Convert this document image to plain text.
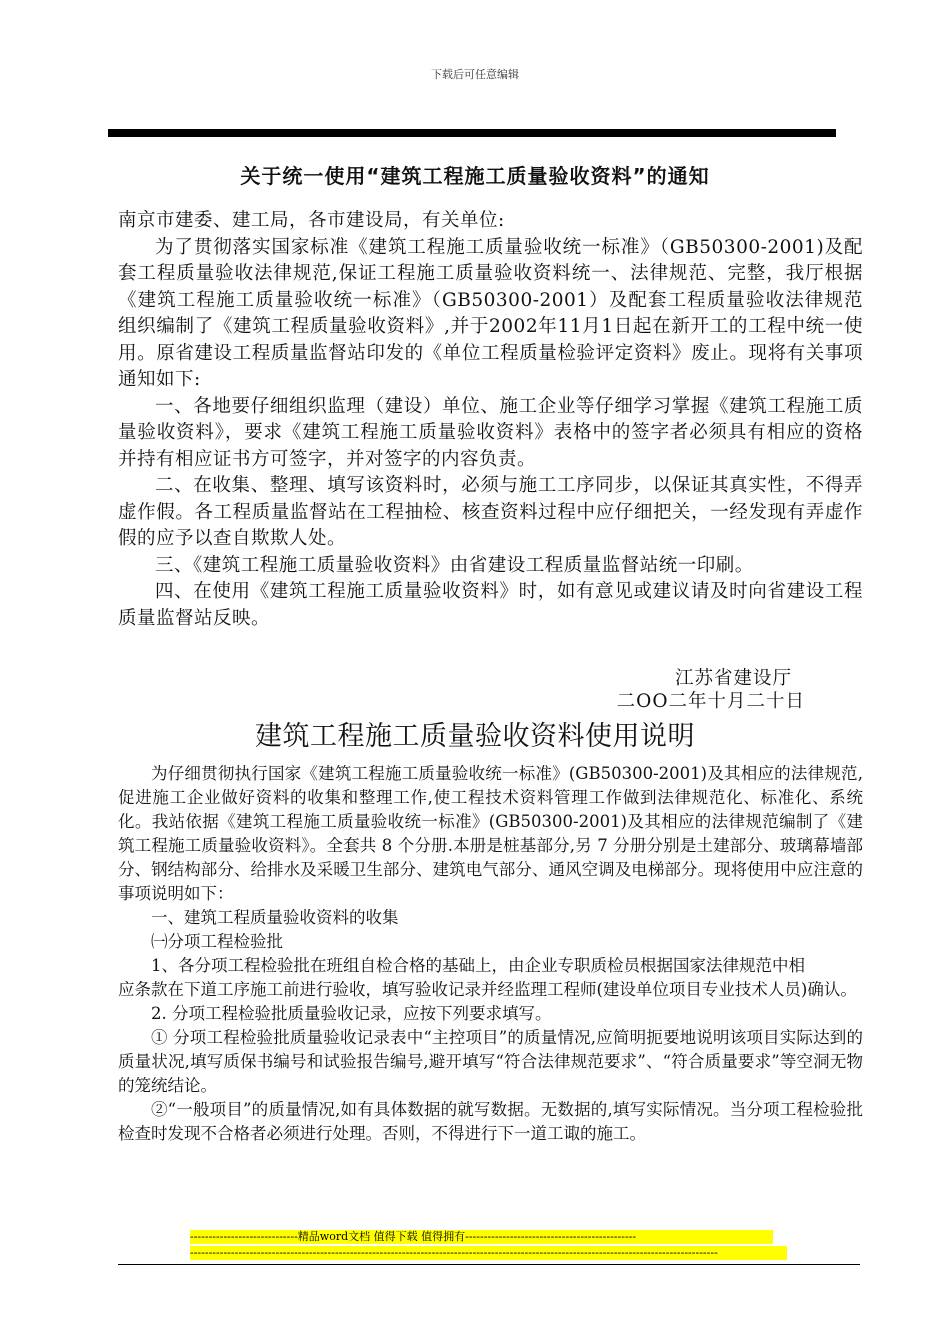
下载后可任意编辑
关于统一使用“建筑工程施工质量验收资料”的通知

南京市建委、建工局，各市建设局，有关单位:

为了贯彻落实国家标准《建筑工程施工质量验收统一标准》（GB50300-2001)及配套工程质量验收法律规范,保证工程施工质量验收资料统一、法律规范、完整，我厅根据《建筑工程施工质量验收统一标准》（GB50300-2001）及配套工程质量验收法律规范组织编制了《建筑工程质量验收资料》,并于2002年11月1日起在新开工的工程中统一使用。原省建设工程质量监督站印发的《单位工程质量检验评定资料》废止。现将有关事项通知如下:

一、各地要仔细组织监理（建设）单位、施工企业等仔细学习掌握《建筑工程施工质量验收资料》，要求《建筑工程施工质量验收资料》表格中的签字者必须具有相应的资格并持有相应证书方可签字，并对签字的内容负责。

二、在收集、整理、填写该资料时，必须与施工工序同步，以保证其真实性，不得弄虚作假。各工程质量监督站在工程抽检、核查资料过程中应仔细把关，一经发现有弄虚作假的应予以查自欺欺人处。

三、《建筑工程施工质量验收资料》由省建设工程质量监督站统一印刷。

四、在使用《建筑工程施工质量验收资料》时，如有意见或建议请及时向省建设工程质量监督站反映。

江苏省建设厅
二OO二年十月二十日
建筑工程施工质量验收资料使用说明

为仔细贯彻执行国家《建筑工程施工质量验收统一标准》(GB50300-2001)及其相应的法律规范,促进施工企业做好资料的收集和整理工作,使工程技术资料管理工作做到法律规范化、标准化、系统化。我站依据《建筑工程施工质量验收统一标准》(GB50300-2001)及其相应的法律规范编制了《建筑工程施工质量验收资料》。全套共 8 个分册.本册是桩基部分,另 7 分册分别是土建部分、玻璃幕墙部分、钢结构部分、给排水及采暖卫生部分、建筑电气部分、通风空调及电梯部分。现将使用中应注意的事项说明如下：

一、建筑工程质量验收资料的收集

㈠分项工程检验批

1、各分项工程检验批在班组自检合格的基础上，由企业专职质检员根据国家法律规范中相

应条款在下道工序施工前进行验收，填写验收记录并经监理工程师(建设单位项目专业技术人员)确认。

2. 分项工程检验批质量验收记录，应按下列要求填写。

① 分项工程检验批质量验收记录表中“主控项目”的质量情况,应简明扼要地说明该项目实际达到的质量状况,填写质保书编号和试验报告编号,避开填写“符合法律规范要求”、“符合质量要求”等空洞无物的笼统结论。

②“一般项目”的质量情况,如有具体数据的就写数据。无数据的,填写实际情况。当分项工程检验批检查时发现不合格者必须进行处理。否则，不得进行下一道工诹的施工。

-----------------------------精品word文档 值得下载 值得拥有----------------------------------------------
----------------------------------------------------------------------------------------------------------------------------------------------
